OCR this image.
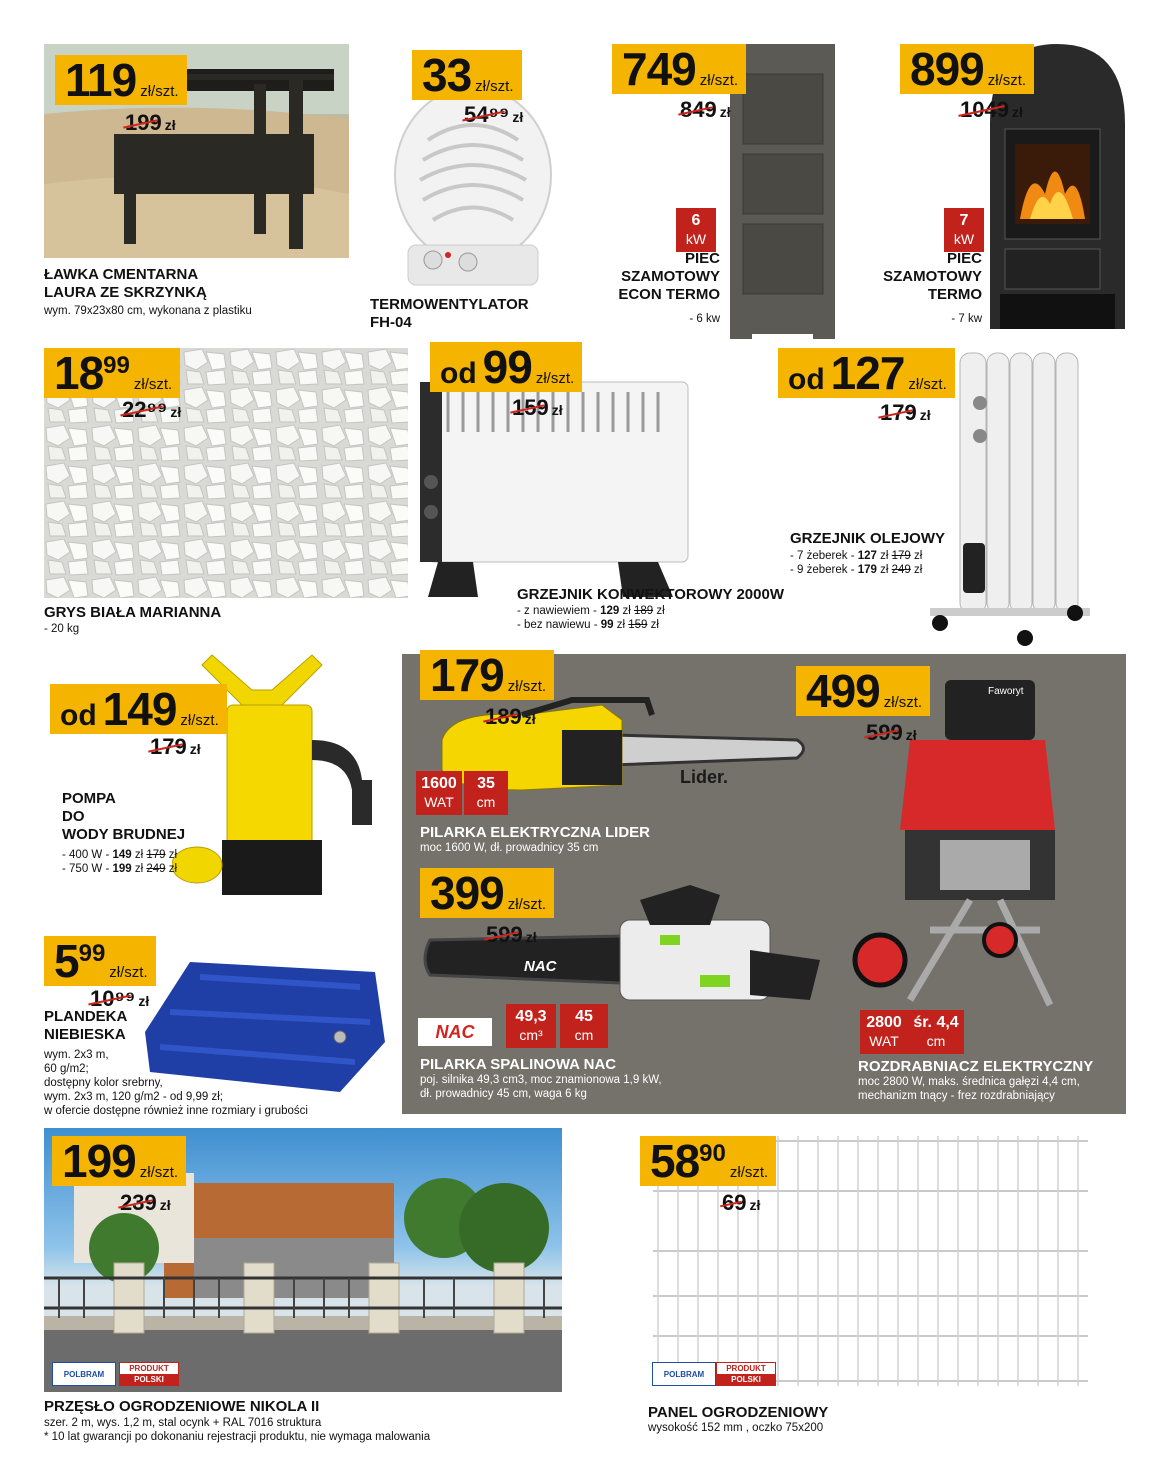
119 zł/szt.
199 zł
ŁAWKA CMENTARNA
LAURA ZE SKRZYNKĄ
wym. 79x23x80 cm, wykonana z plastiku
33 zł/szt.
54⁹⁹ zł
TERMOWENTYLATOR
FH-04
749 zł/szt.
849 zł
6
kW
PIEC
SZAMOTOWY
ECON TERMO
- 6 kw
899 zł/szt.
1049 zł
7
kW
PIEC
SZAMOTOWY
TERMO
- 7 kw
18 99
zł/szt.
22⁹⁹ zł
GRYS BIAŁA MARIANNA
- 20 kg
od 99 zł/szt.
159 zł
GRZEJNIK KONWEKTOROWY 2000W
- z nawiewiem - 129 zł 189 zł
- bez nawiewu - 99 zł 159 zł
od 127 zł/szt.
179 zł
GRZEJNIK OLEJOWY
- 7 żeberek - 127 zł 179 zł
- 9 żeberek - 179 zł 249 zł
od 149 zł/szt.
179 zł
POMPA
DO
WODY BRUDNEJ
- 400 W - 149 zł 179 zł
- 750 W - 199 zł 249 zł
5 99
zł/szt.
10⁹⁹ zł
PLANDEKA
NIEBIESKA
wym. 2x3 m,
60 g/m2;
dostępny kolor srebrny,
wym. 2x3 m, 120 g/m2 - od 9,99 zł;
w ofercie dostępne również inne rozmiary i grubości
Lider.
179 zł/szt.
189 zł
1600
WAT
35
cm
PILARKA ELEKTRYCZNA LIDER
moc 1600 W, dł. prowadnicy 35 cm
NAC
399 zł/szt.
599 zł
NAC
49,3
cm³
45
cm
PILARKA SPALINOWA NAC
poj. silnika 49,3 cm3, moc znamionowa 1,9 kW,
dł. prowadnicy 45 cm, waga 6 kg
Faworyt
499 zł/szt.
599 zł
2800
WAT
śr. 4,4
cm
ROZDRABNIACZ ELEKTRYCZNY
moc 2800 W, maks. średnica gałęzi 4,4 cm,
mechanizm tnący - frez rozdrabniający
199 zł/szt.
239 zł
POLBRAM
PRODUKT
POLSKI
PRZĘSŁO OGRODZENIOWE NIKOLA II
szer. 2 m, wys. 1,2 m, stal ocynk + RAL 7016 struktura
* 10 lat gwarancji po dokonaniu rejestracji produktu, nie wymaga malowania
58 90
zł/szt.
69 zł
POLBRAM
PRODUKT
POLSKI
PANEL OGRODZENIOWY
wysokość 152 mm , oczko 75x200
